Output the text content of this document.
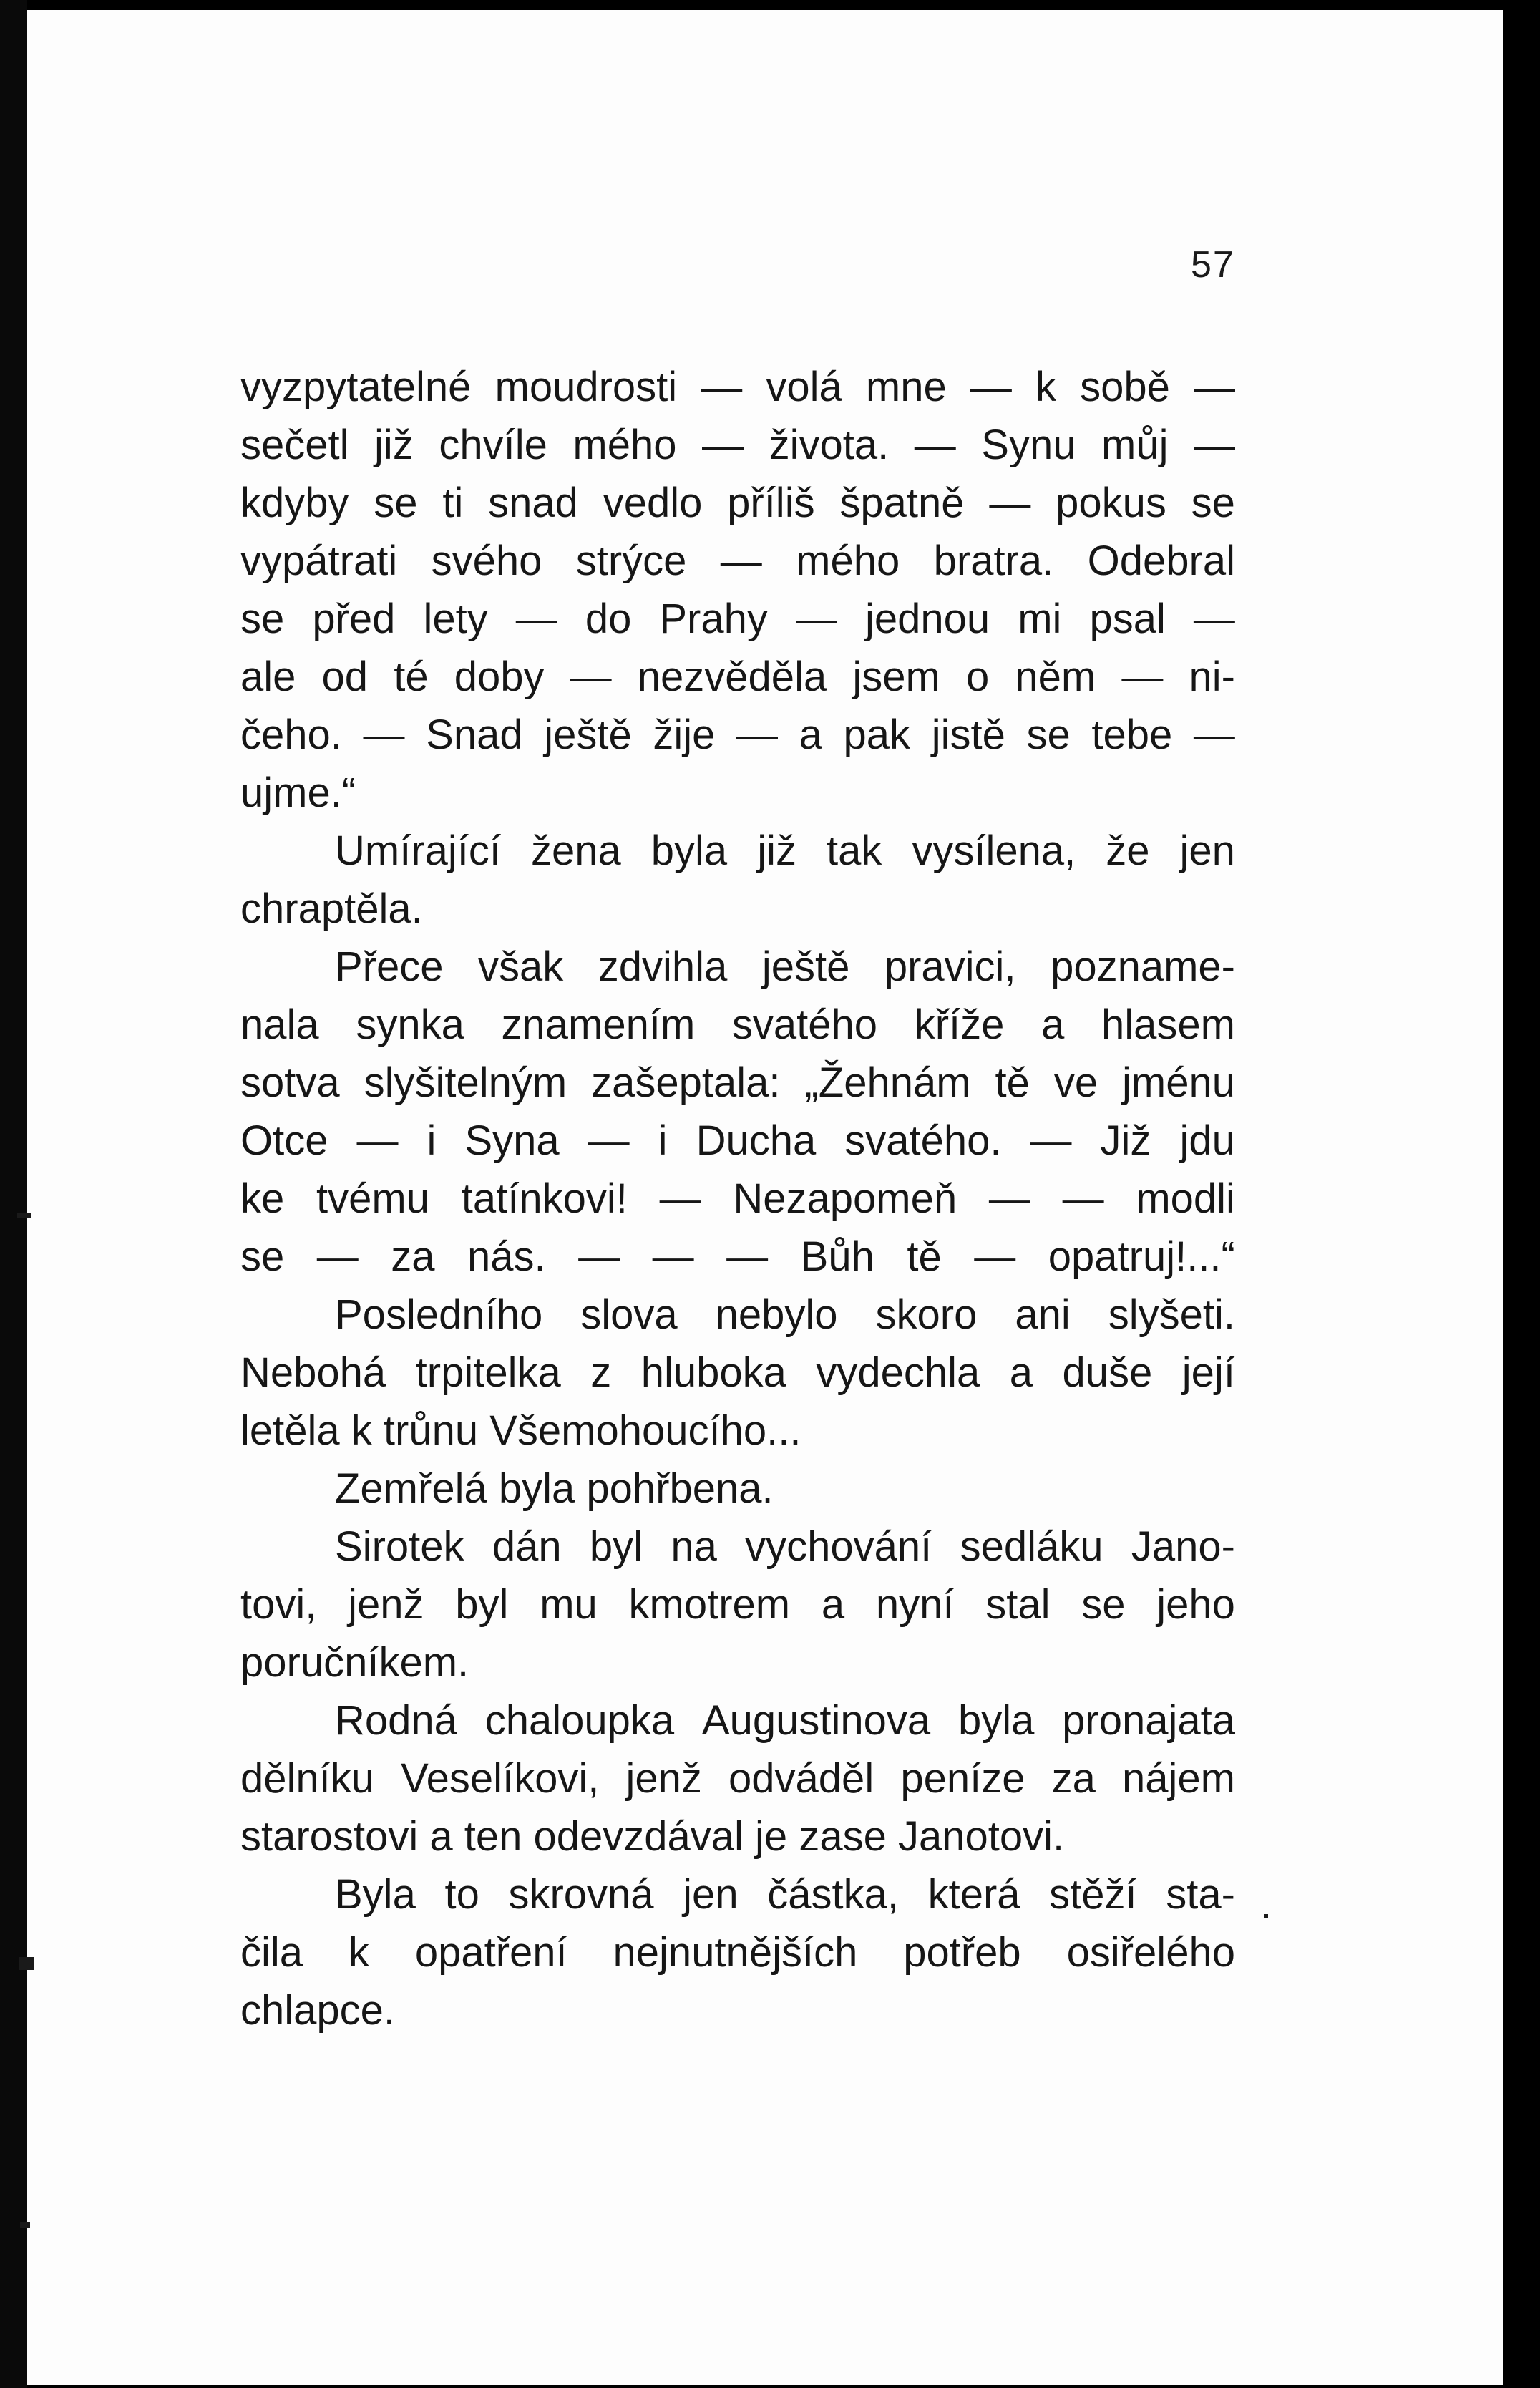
57
vyzpytatelné moudrosti — volá mne — k sobě —
sečetl již chvíle mého — života. — Synu můj —
kdyby se ti snad vedlo příliš špatně — pokus se
vypátrati svého strýce — mého bratra. Odebral
se před lety — do Prahy — jednou mi psal —
ale od té doby — nezvěděla jsem o něm — ni-
čeho. — Snad ještě žije — a pak jistě se tebe —
ujme.“
Umírající žena byla již tak vysílena, že jen
chraptěla.
Přece však zdvihla ještě pravici, poznamе-
nala synka znamením svatého kříže a hlasem
sotva slyšitelným zašeptala: „Žehnám tě ve jménu
Otce — i Syna — i Ducha svatého. — Již jdu
ke tvému tatínkovi! — Nezapomeň — — modli
se — za nás. — — — Bůh tě — opatruj!...“
Posledního slova nebylo skoro ani slyšeti.
Nebohá trpitelka z hluboka vydechla a duše její
letěla
k
trůnu
Všemohoucího...
Zemřelá
byla
pohřbena.
Sirotek dán byl na vychování sedláku Jano-
tovi, jenž byl mu kmotrem a nyní stal se jeho
poručníkem.
Rodná chaloupka Augustinova byla pronajata
dělníku Veselíkovi, jenž odváděl peníze za nájem
starostovi
a
ten
odevzdával
je
zase
Janotovi.
Byla to skrovná jen částka, která stěží sta-
čila k opatření nejnutnějších potřeb osiřelého
chlapce.
